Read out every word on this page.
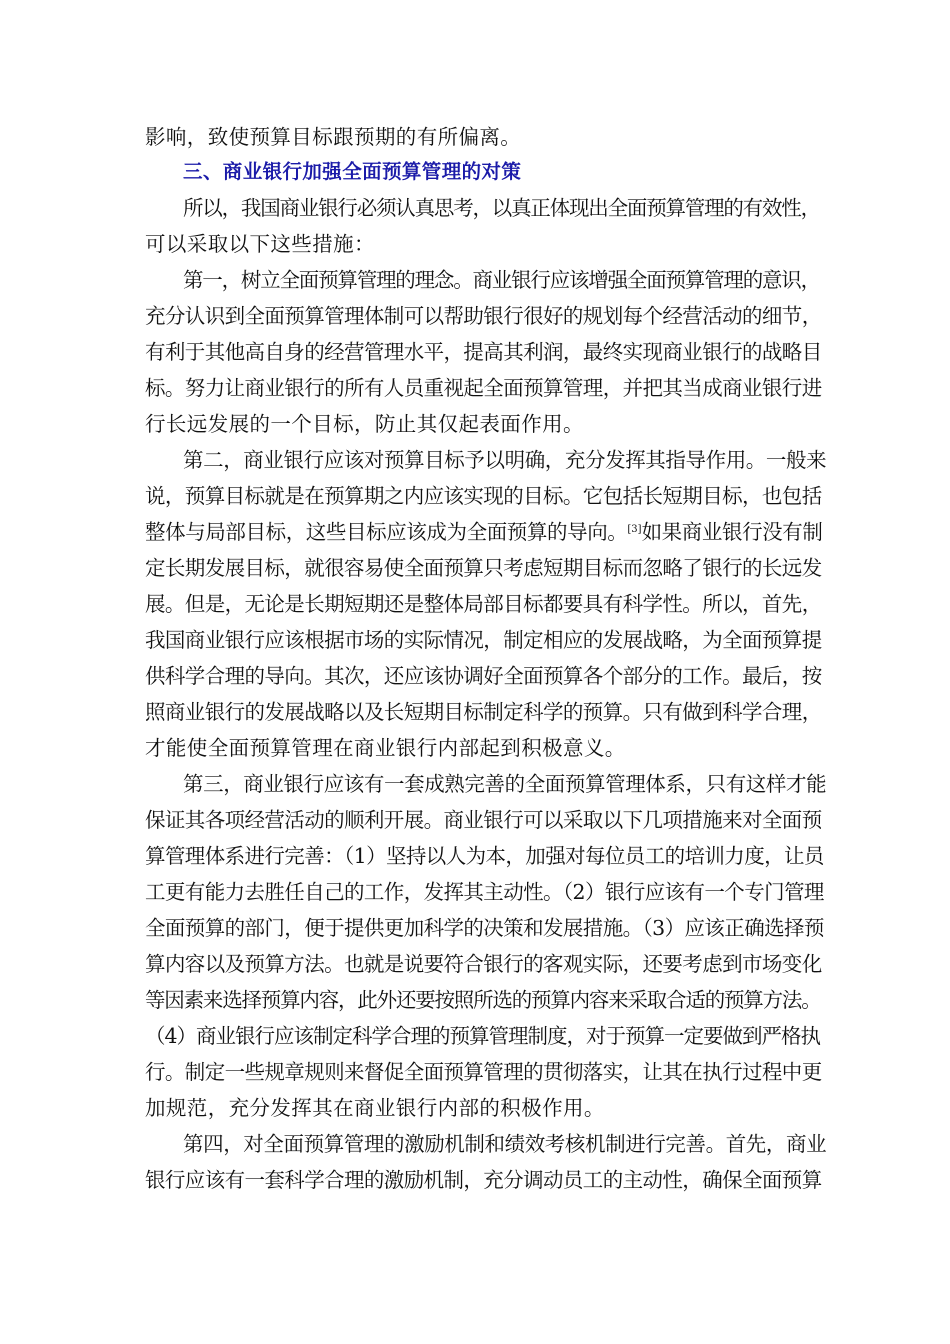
影响，致使预算目标跟预期的有所偏离。
三、商业银行加强全面预算管理的对策
所以，我国商业银行必须认真思考，以真正体现出全面预算管理的有效性，
可以采取以下这些措施：
第一，树立全面预算管理的理念。商业银行应该增强全面预算管理的意识，
充分认识到全面预算管理体制可以帮助银行很好的规划每个经营活动的细节，
有利于其他高自身的经营管理水平，提高其利润，最终实现商业银行的战略目
标。努力让商业银行的所有人员重视起全面预算管理，并把其当成商业银行进
行长远发展的一个目标，防止其仅起表面作用。
第二，商业银行应该对预算目标予以明确，充分发挥其指导作用。一般来
说，预算目标就是在预算期之内应该实现的目标。它包括长短期目标，也包括
整体与局部目标，这些目标应该成为全面预算的导向。[3]如果商业银行没有制
定长期发展目标，就很容易使全面预算只考虑短期目标而忽略了银行的长远发
展。但是，无论是长期短期还是整体局部目标都要具有科学性。所以，首先，
我国商业银行应该根据市场的实际情况，制定相应的发展战略，为全面预算提
供科学合理的导向。其次，还应该协调好全面预算各个部分的工作。最后，按
照商业银行的发展战略以及长短期目标制定科学的预算。只有做到科学合理，
才能使全面预算管理在商业银行内部起到积极意义。
第三，商业银行应该有一套成熟完善的全面预算管理体系，只有这样才能
保证其各项经营活动的顺利开展。商业银行可以采取以下几项措施来对全面预
算管理体系进行完善：（1）坚持以人为本，加强对每位员工的培训力度，让员
工更有能力去胜任自己的工作，发挥其主动性。（2）银行应该有一个专门管理
全面预算的部门，便于提供更加科学的决策和发展措施。（3）应该正确选择预
算内容以及预算方法。也就是说要符合银行的客观实际，还要考虑到市场变化
等因素来选择预算内容，此外还要按照所选的预算内容来采取合适的预算方法。
（4）商业银行应该制定科学合理的预算管理制度，对于预算一定要做到严格执
行。制定一些规章规则来督促全面预算管理的贯彻落实，让其在执行过程中更
加规范，充分发挥其在商业银行内部的积极作用。
第四，对全面预算管理的激励机制和绩效考核机制进行完善。首先，商业
银行应该有一套科学合理的激励机制，充分调动员工的主动性，确保全面预算
